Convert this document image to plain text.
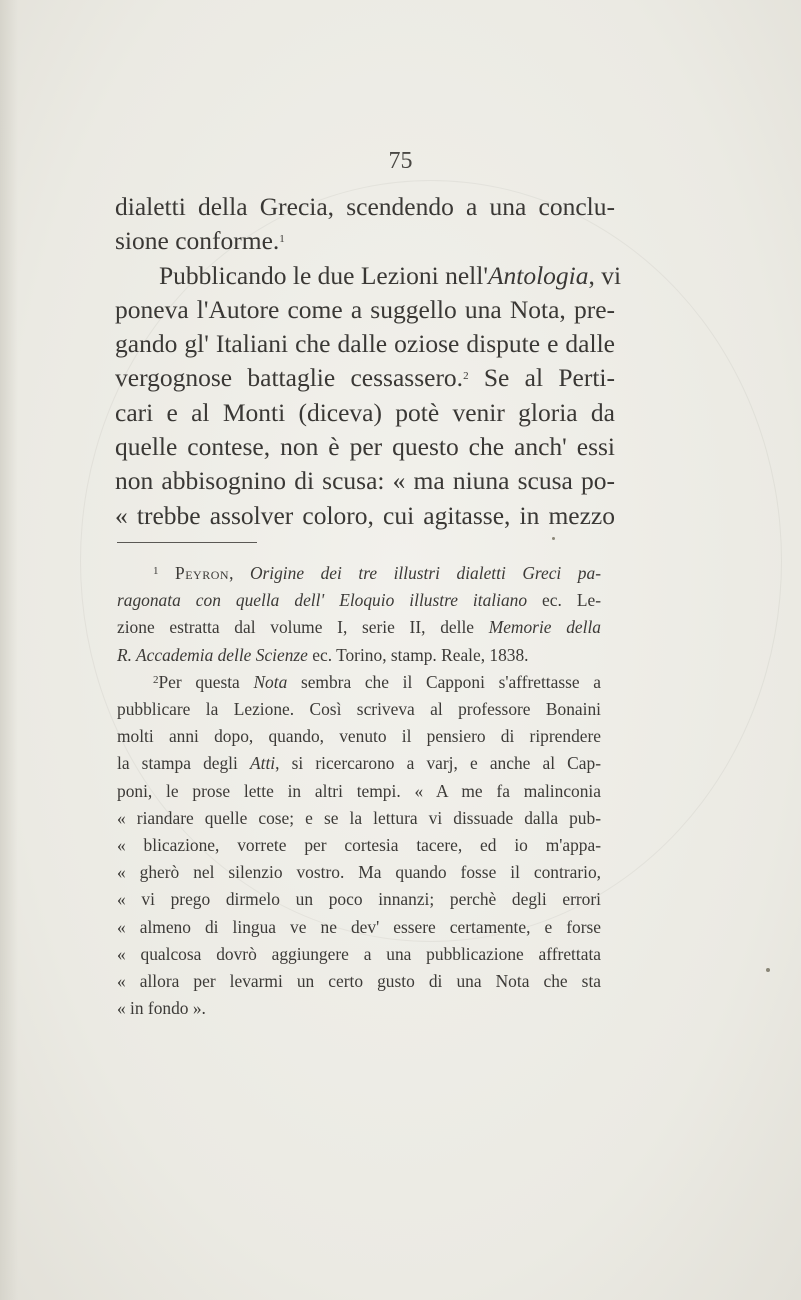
75

dialetti della Grecia, scendendo a una conclu-
sione conforme.$^1$

Pubblicando le due Lezioni nell'Antologia, vi
poneva l'Autore come a suggello una Nota, pre-
gando gl' Italiani che dalle oziose dispute e dalle
vergognose battaglie cessassero.$^2$ Se al Perti-
cari e al Monti (diceva) potè venir gloria da
quelle contese, non è per questo che anch' essi
non abbisognino di scusa: « ma niuna scusa po-
« trebbe assolver coloro, cui agitasse, in mezzo

$^1$ Peyron, Origine dei tre illustri dialetti Greci pa-
ragonata con quella dell' Eloquio illustre italiano ec. Le-
zione estratta dal volume I, serie II, delle Memorie della
R. Accademia delle Scienze ec. Torino, stamp. Reale, 1838.
$^2$Per questa Nota sembra che il Capponi s'affrettasse a
pubblicare la Lezione. Così scriveva al professore Bonaini
molti anni dopo, quando, venuto il pensiero di riprendere
la stampa degli Atti, si ricercarono a varj, e anche al Cap-
poni, le prose lette in altri tempi. « A me fa malinconia
« riandare quelle cose; e se la lettura vi dissuade dalla pub-
« blicazione, vorrete per cortesia tacere, ed io m'appa-
« gherò nel silenzio vostro. Ma quando fosse il contrario,
« vi prego dirmelo un poco innanzi; perchè degli errori
« almeno di lingua ve ne dev' essere certamente, e forse
« qualcosa dovrò aggiungere a una pubblicazione affrettata
« allora per levarmi un certo gusto di una Nota che sta
« in fondo ».
